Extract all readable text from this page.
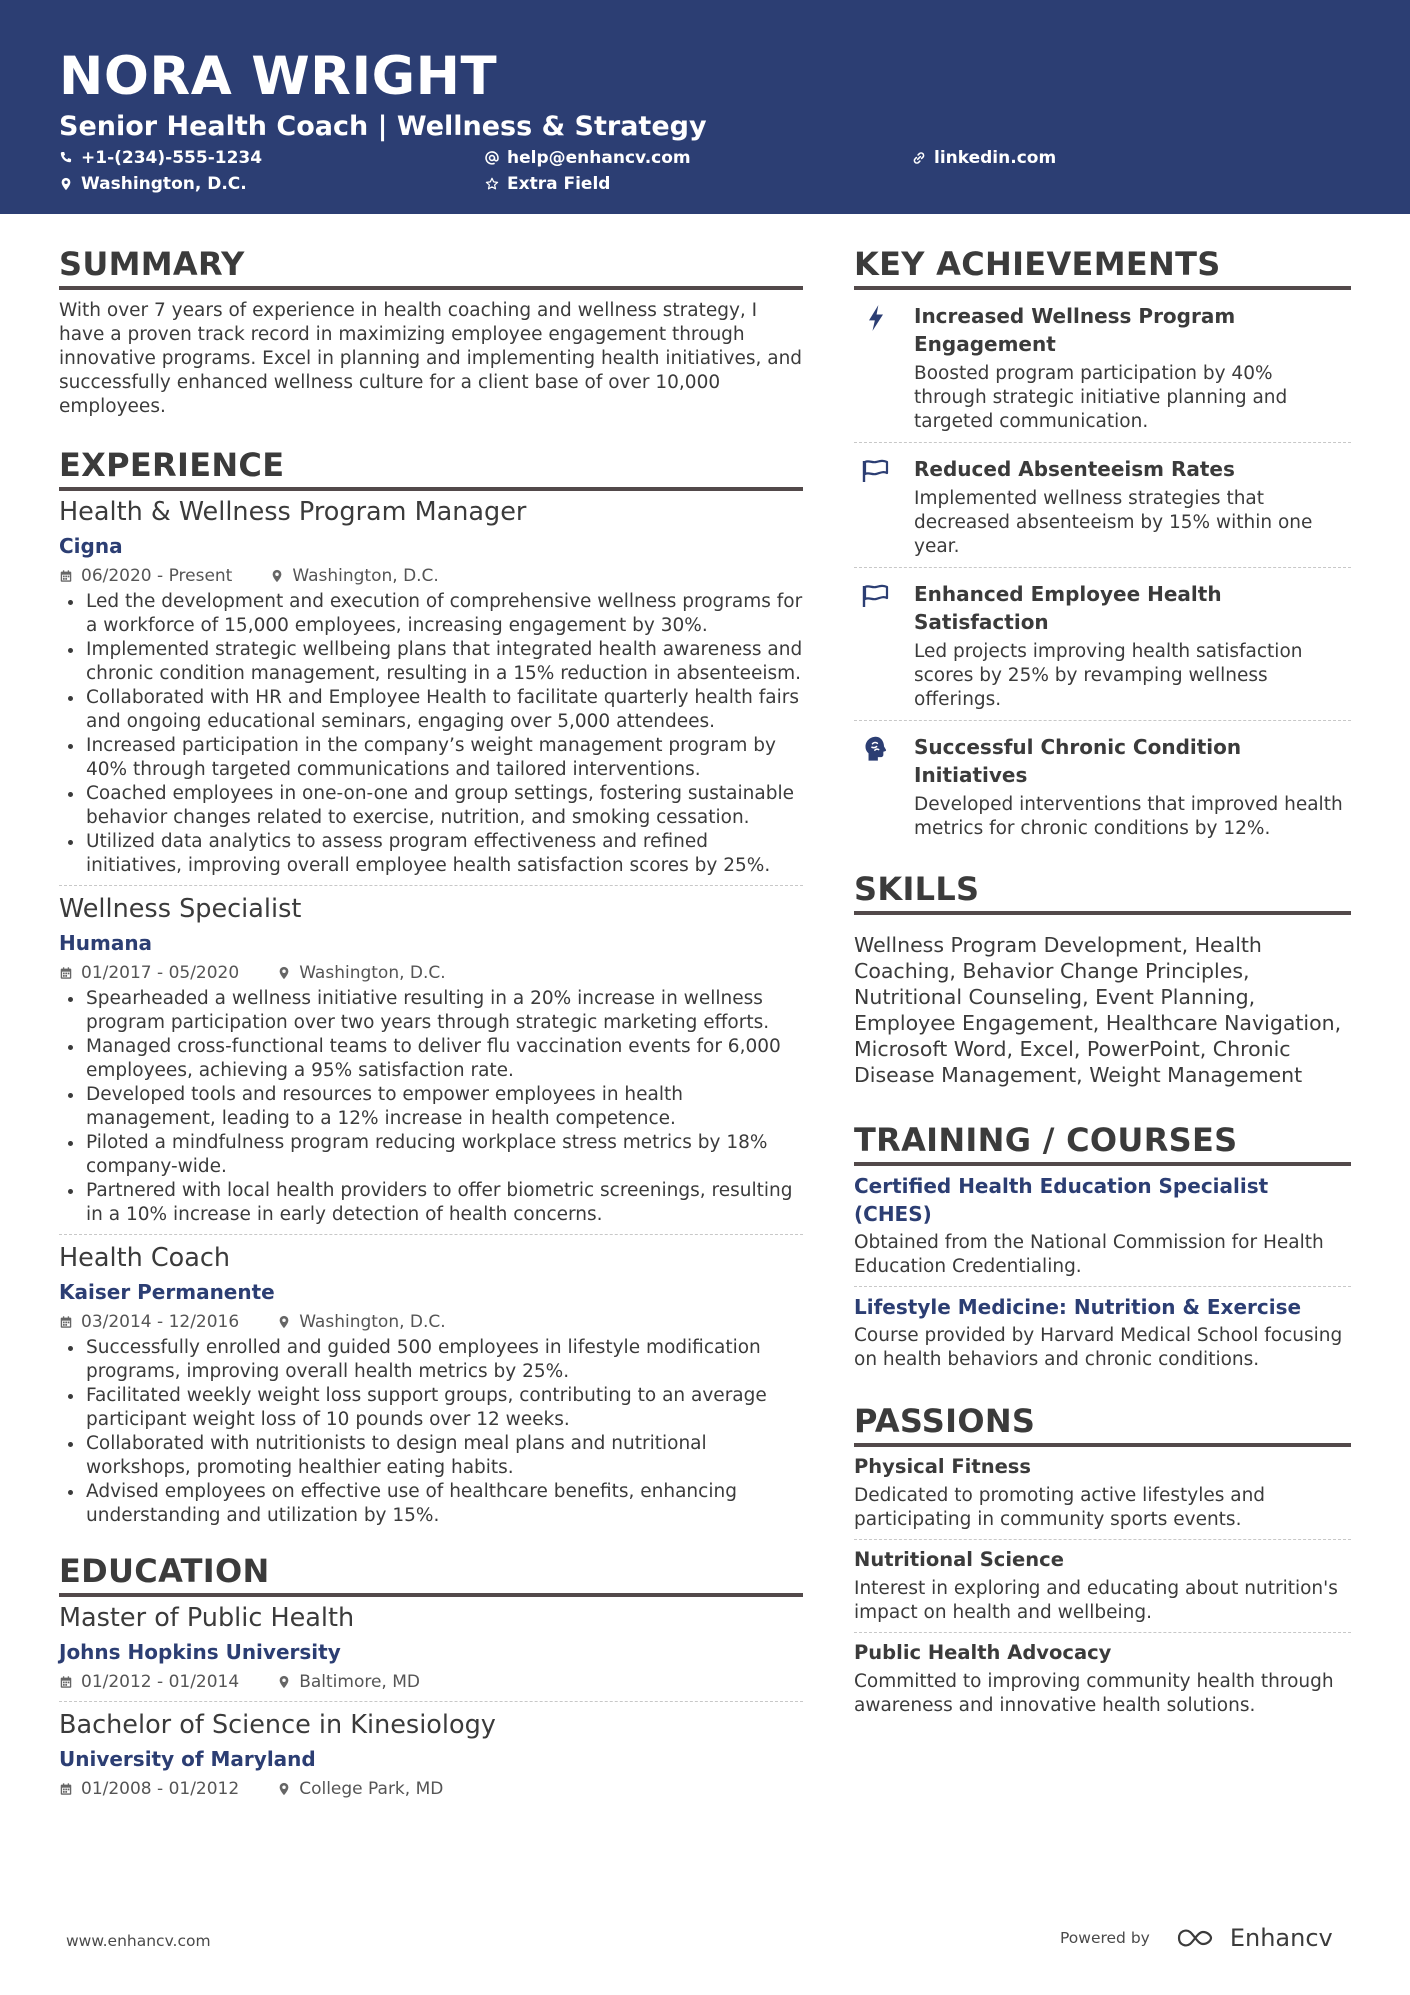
NORA WRIGHT
Senior Health Coach | Wellness & Strategy
+1-(234)-555-1234	help@enhancv.com	linkedin.com
Washington, D.C.	Extra Field
SUMMARY
With over 7 years of experience in health coaching and wellness strategy, I have a proven track record in maximizing employee engagement through innovative programs. Excel in planning and implementing health initiatives, and successfully enhanced wellness culture for a client base of over 10,000 employees.
EXPERIENCE
Health & Wellness Program Manager
Cigna
06/2020 - Present	Washington, D.C.
Led the development and execution of comprehensive wellness programs for a workforce of 15,000 employees, increasing engagement by 30%.
Implemented strategic wellbeing plans that integrated health awareness and chronic condition management, resulting in a 15% reduction in absenteeism.
Collaborated with HR and Employee Health to facilitate quarterly health fairs and ongoing educational seminars, engaging over 5,000 attendees.
Increased participation in the company’s weight management program by 40% through targeted communications and tailored interventions.
Coached employees in one-on-one and group settings, fostering sustainable behavior changes related to exercise, nutrition, and smoking cessation.
Utilized data analytics to assess program effectiveness and refined initiatives, improving overall employee health satisfaction scores by 25%.
Wellness Specialist
Humana
01/2017 - 05/2020	Washington, D.C.
Spearheaded a wellness initiative resulting in a 20% increase in wellness program participation over two years through strategic marketing efforts.
Managed cross-functional teams to deliver flu vaccination events for 6,000 employees, achieving a 95% satisfaction rate.
Developed tools and resources to empower employees in health management, leading to a 12% increase in health competence.
Piloted a mindfulness program reducing workplace stress metrics by 18% company-wide.
Partnered with local health providers to offer biometric screenings, resulting in a 10% increase in early detection of health concerns.
Health Coach
Kaiser Permanente
03/2014 - 12/2016	Washington, D.C.
Successfully enrolled and guided 500 employees in lifestyle modification programs, improving overall health metrics by 25%.
Facilitated weekly weight loss support groups, contributing to an average participant weight loss of 10 pounds over 12 weeks.
Collaborated with nutritionists to design meal plans and nutritional workshops, promoting healthier eating habits.
Advised employees on effective use of healthcare benefits, enhancing understanding and utilization by 15%.
EDUCATION
Master of Public Health
Johns Hopkins University
01/2012 - 01/2014	Baltimore, MD
Bachelor of Science in Kinesiology
University of Maryland
01/2008 - 01/2012	College Park, MD
KEY ACHIEVEMENTS
Increased Wellness Program Engagement
Boosted program participation by 40% through strategic initiative planning and targeted communication.
Reduced Absenteeism Rates
Implemented wellness strategies that decreased absenteeism by 15% within one year.
Enhanced Employee Health Satisfaction
Led projects improving health satisfaction scores by 25% by revamping wellness offerings.
Successful Chronic Condition Initiatives
Developed interventions that improved health metrics for chronic conditions by 12%.
SKILLS
Wellness Program Development, Health Coaching, Behavior Change Principles, Nutritional Counseling, Event Planning, Employee Engagement, Healthcare Navigation, Microsoft Word, Excel, PowerPoint, Chronic Disease Management, Weight Management
TRAINING / COURSES
Certified Health Education Specialist (CHES)
Obtained from the National Commission for Health Education Credentialing.
Lifestyle Medicine: Nutrition & Exercise
Course provided by Harvard Medical School focusing on health behaviors and chronic conditions.
PASSIONS
Physical Fitness
Dedicated to promoting active lifestyles and participating in community sports events.
Nutritional Science
Interest in exploring and educating about nutrition's impact on health and wellbeing.
Public Health Advocacy
Committed to improving community health through awareness and innovative health solutions.
www.enhancv.com	Powered by	Enhancv
